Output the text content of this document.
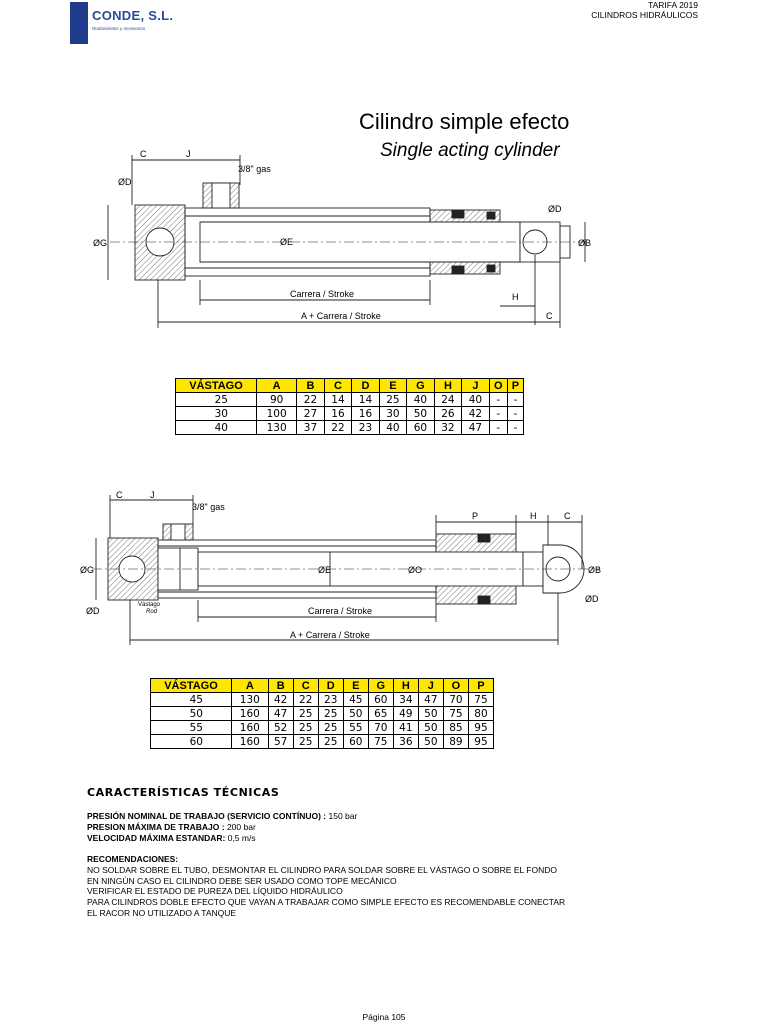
CONDE, S.L.
Rodamientos y Accesorios
TARIFA 2019
CILINDROS HIDRÁULICOS
Cilindro simple efecto
Single acting cylinder
C	J
3/8" gas
ØD
ØG	ØE
ØD
ØB
Carrera / Stroke	H
A + Carrera / Stroke	C
VÁSTAGO	A	B	C	D	E	G	H	J	O	P
25	90	22	14	14	25	40	24	40	-	-
30	100	27	16	16	30	50	26	42	-	-
40	130	37	22	23	40	60	32	47	-	-
C	J
3/8" gas
ØG	ØE	ØO	ØB
ØD
Vástago
Rod
P	H	C
ØD
Carrera / Stroke
A + Carrera / Stroke
VÁSTAGO	A	B	C	D	E	G	H	J	O	P
45	130	42	22	23	45	60	34	47	70	75
50	160	47	25	25	50	65	49	50	75	80
55	160	52	25	25	55	70	41	50	85	95
60	160	57	25	25	60	75	36	50	89	95
CARACTERÍSTICAS TÉCNICAS
PRESIÓN NOMINAL DE TRABAJO (SERVICIO CONTÍNUO) : 150 bar
PRESION MÁXIMA DE TRABAJO : 200 bar
VELOCIDAD MÁXIMA ESTANDAR: 0,5 m/s
RECOMENDACIONES:
NO SOLDAR SOBRE EL TUBO, DESMONTAR EL CILINDRO PARA SOLDAR SOBRE EL VÁSTAGO O SOBRE EL FONDO
EN NINGÚN CASO EL CILINDRO DEBE SER USADO COMO TOPE MECÁNICO
VERIFICAR EL ESTADO DE PUREZA DEL LÍQUIDO HIDRÁULICO
PARA CILINDROS DOBLE EFECTO QUE VAYAN A TRABAJAR COMO SIMPLE EFECTO ES RECOMENDABLE CONECTAR
EL RACOR NO UTILIZADO A TANQUE
Página 105
